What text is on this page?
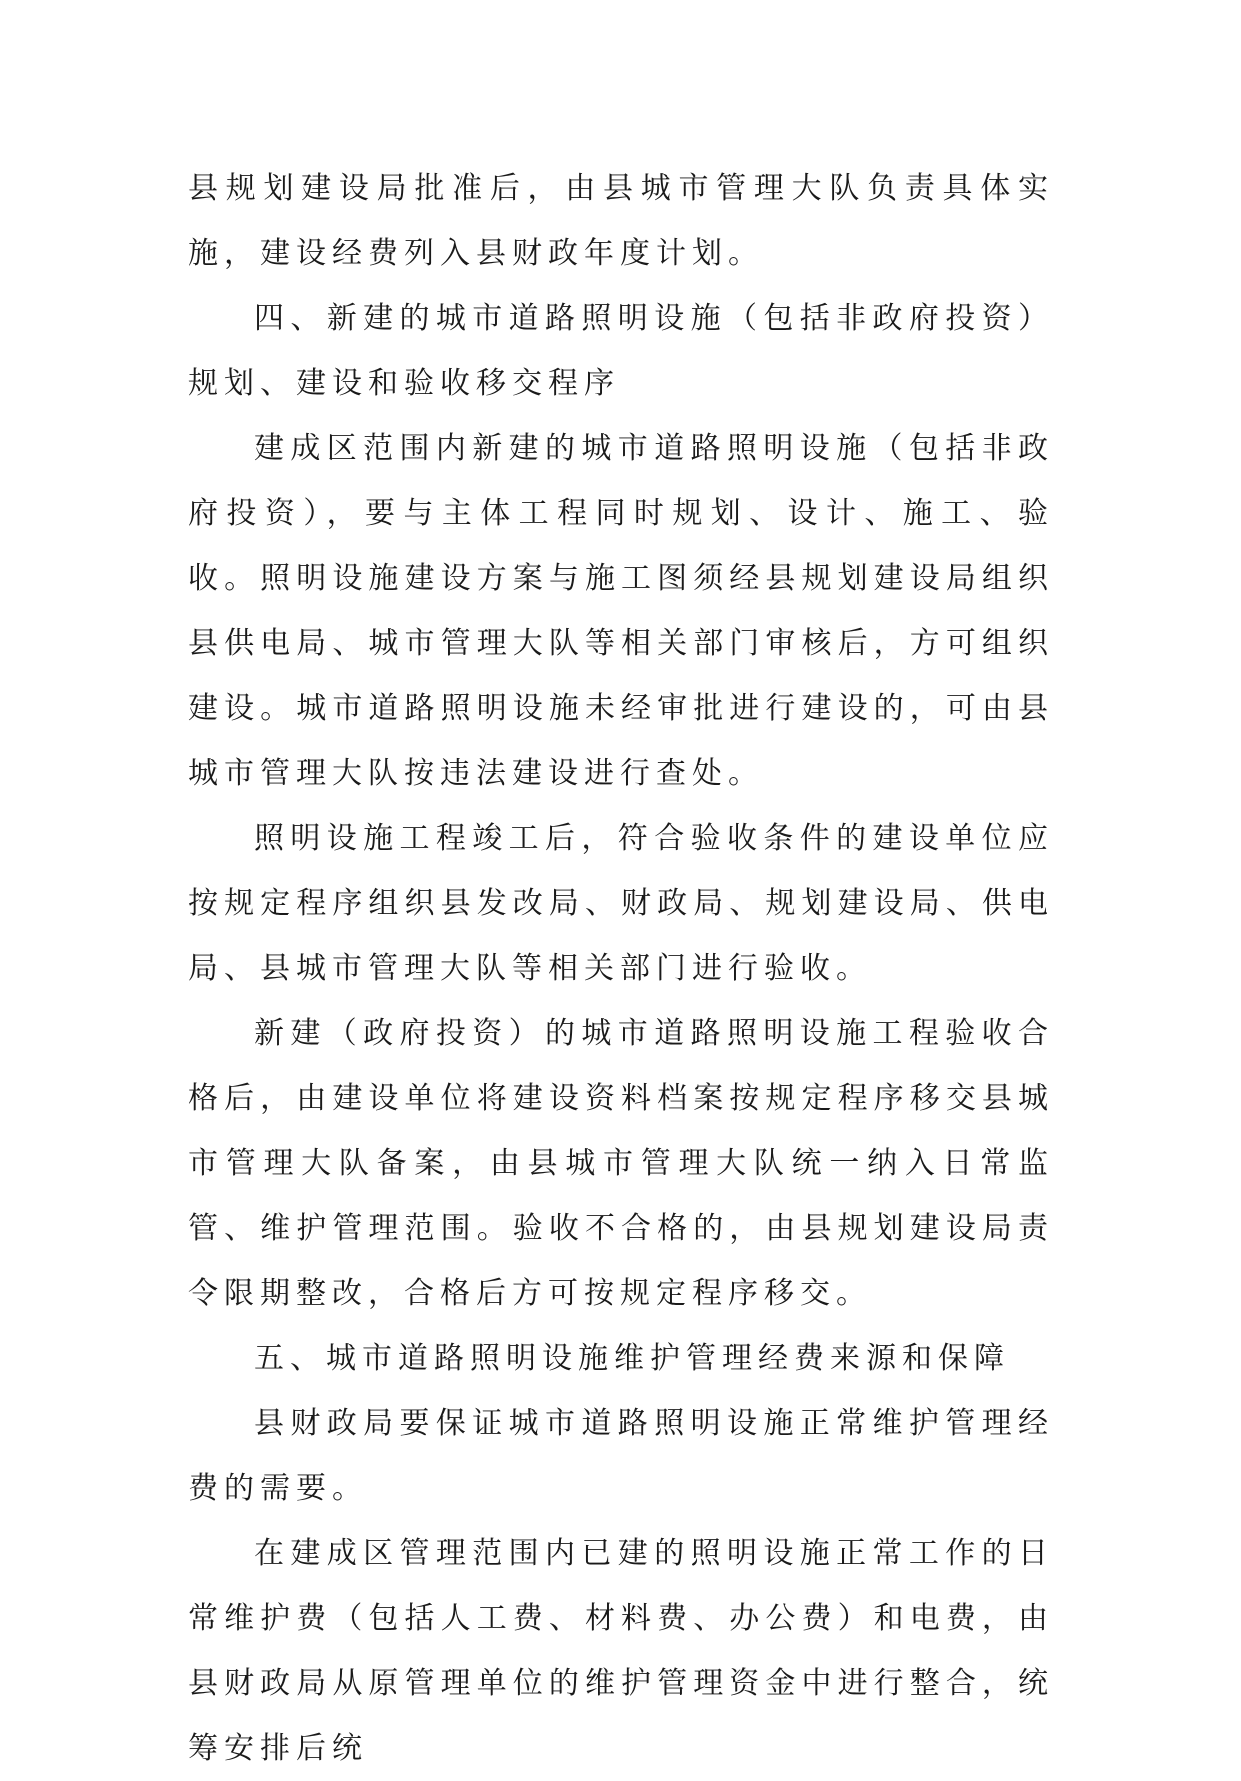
县规划建设局批准后，由县城市管理大队负责具体实施，建设经费列入县财政年度计划。

四、新建的城市道路照明设施（包括非政府投资）规划、建设和验收移交程序

建成区范围内新建的城市道路照明设施（包括非政府投资），要与主体工程同时规划、设计、施工、验收。照明设施建设方案与施工图须经县规划建设局组织县供电局、城市管理大队等相关部门审核后，方可组织建设。城市道路照明设施未经审批进行建设的，可由县城市管理大队按违法建设进行查处。

照明设施工程竣工后，符合验收条件的建设单位应按规定程序组织县发改局、财政局、规划建设局、供电局、县城市管理大队等相关部门进行验收。

新建（政府投资）的城市道路照明设施工程验收合格后，由建设单位将建设资料档案按规定程序移交县城市管理大队备案，由县城市管理大队统一纳入日常监管、维护管理范围。验收不合格的，由县规划建设局责令限期整改，合格后方可按规定程序移交。

五、城市道路照明设施维护管理经费来源和保障

县财政局要保证城市道路照明设施正常维护管理经费的需要。

在建成区管理范围内已建的照明设施正常工作的日常维护费（包括人工费、材料费、办公费）和电费，由县财政局从原管理单位的维护管理资金中进行整合，统筹安排后统
